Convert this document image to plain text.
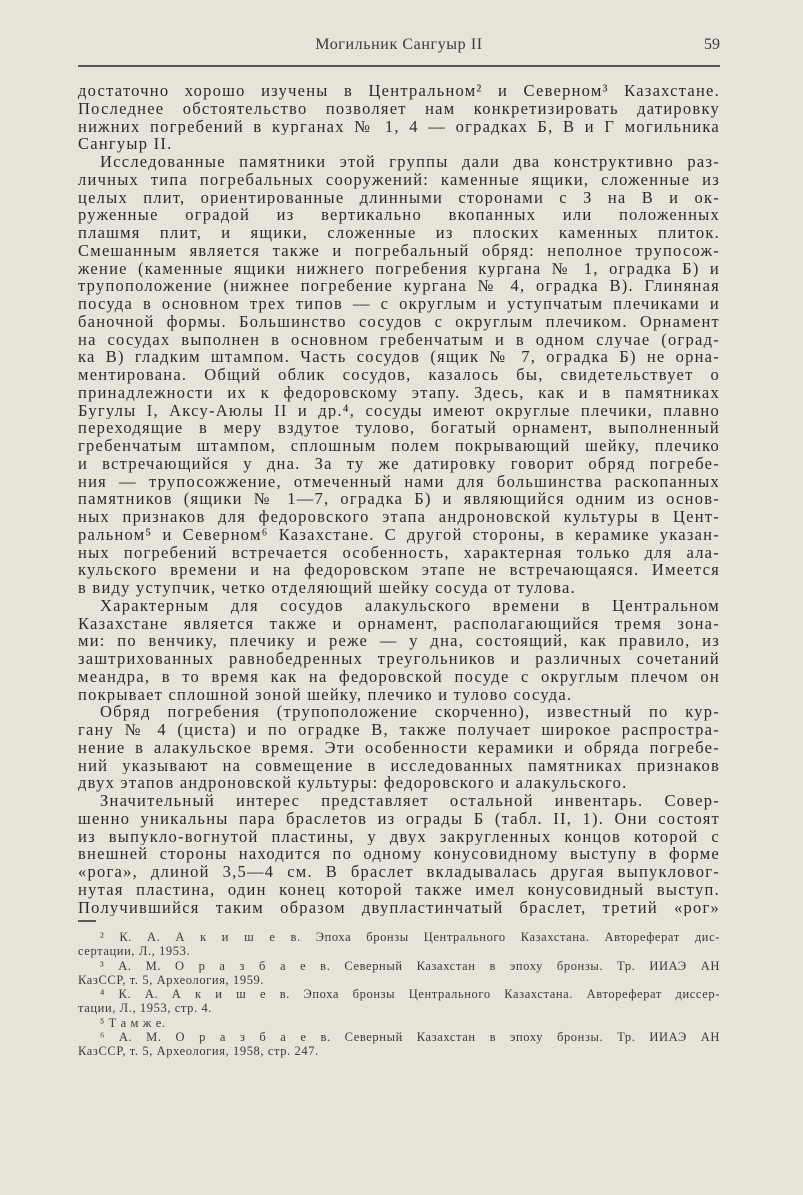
Могильник Сангуыр II	59
достаточно хорошо изучены в Центральном² и Северном³ Казахстане.
Последнее обстоятельство позволяет нам конкретизировать датировку
нижних погребений в курганах № 1, 4 — оградках Б, В и Г могильника
Сангуыр II.
Исследованные памятники этой группы дали два конструктивно раз-
личных типа погребальных сооружений: каменные ящики, сложенные из
целых плит, ориентированные длинными сторонами с З на В и ок-
руженные оградой из вертикально вкопанных или положенных
плашмя плит, и ящики, сложенные из плоских каменных плиток.
Смешанным является также и погребальный обряд: неполное трупосож-
жение (каменные ящики нижнего погребения кургана № 1, оградка Б) и
трупоположение (нижнее погребение кургана № 4, оградка В). Глиняная
посуда в основном трех типов — с округлым и уступчатым плечиками и
баночной формы. Большинство сосудов с округлым плечиком. Орнамент
на сосудах выполнен в основном гребенчатым и в одном случае (оград-
ка В) гладким штампом. Часть сосудов (ящик № 7, оградка Б) не орна-
ментирована. Общий облик сосудов, казалось бы, свидетельствует о
принадлежности их к федоровскому этапу. Здесь, как и в памятниках
Бугулы I, Аксу-Аюлы II и др.⁴, сосуды имеют округлые плечики, плавно
переходящие в меру вздутое тулово, богатый орнамент, выполненный
гребенчатым штампом, сплошным полем покрывающий шейку, плечико
и встречающийся у дна. За ту же датировку говорит обряд погребе-
ния — трупосожжение, отмеченный нами для большинства раскопанных
памятников (ящики № 1—7, оградка Б) и являющийся одним из основ-
ных признаков для федоровского этапа андроновской культуры в Цент-
ральном⁵ и Северном⁶ Казахстане. С другой стороны, в керамике указан-
ных погребений встречается особенность, характерная только для ала-
кульского времени и на федоровском этапе не встречающаяся. Имеется
в виду уступчик, четко отделяющий шейку сосуда от тулова.
Характерным для сосудов алакульского времени в Центральном
Казахстане является также и орнамент, располагающийся тремя зона-
ми: по венчику, плечику и реже — у дна, состоящий, как правило, из
заштрихованных равнобедренных треугольников и различных сочетаний
меандра, в то время как на федоровской посуде с округлым плечом он
покрывает сплошной зоной шейку, плечико и тулово сосуда.
Обряд погребения (трупоположение скорченно), известный по кур-
гану № 4 (циста) и по оградке В, также получает широкое распростра-
нение в алакульское время. Эти особенности керамики и обряда погребе-
ний указывают на совмещение в исследованных памятниках признаков
двух этапов андроновской культуры: федоровского и алакульского.
Значительный интерес представляет остальной инвентарь. Совер-
шенно уникальны пара браслетов из ограды Б (табл. II, 1). Они состоят
из выпукло-вогнутой пластины, у двух закругленных концов которой с
внешней стороны находится по одному конусовидному выступу в форме
«рога», длиной 3,5—4 см. В браслет вкладывалась другая выпукловог-
нутая пластина, один конец которой также имел конусовидный выступ.
Получившийся таким образом двупластинчатый браслет, третий «рог»
² К. А. А к и ш е в. Эпоха бронзы Центрального Казахстана. Автореферат дис-
сертации, Л., 1953.
³ А. М. О р а з б а е в. Северный Казахстан в эпоху бронзы. Тр. ИИАЭ АН
КазССР, т. 5, Археология, 1959.
⁴ К. А. А к и ш е в. Эпоха бронзы Центрального Казахстана. Автореферат диссер-
тации, Л., 1953, стр. 4.
⁵ Т а м ж е.
⁶ А. М. О р а з б а е в. Северный Казахстан в эпоху бронзы. Тр. ИИАЭ АН
КазССР, т. 5, Археология, 1958, стр. 247.
